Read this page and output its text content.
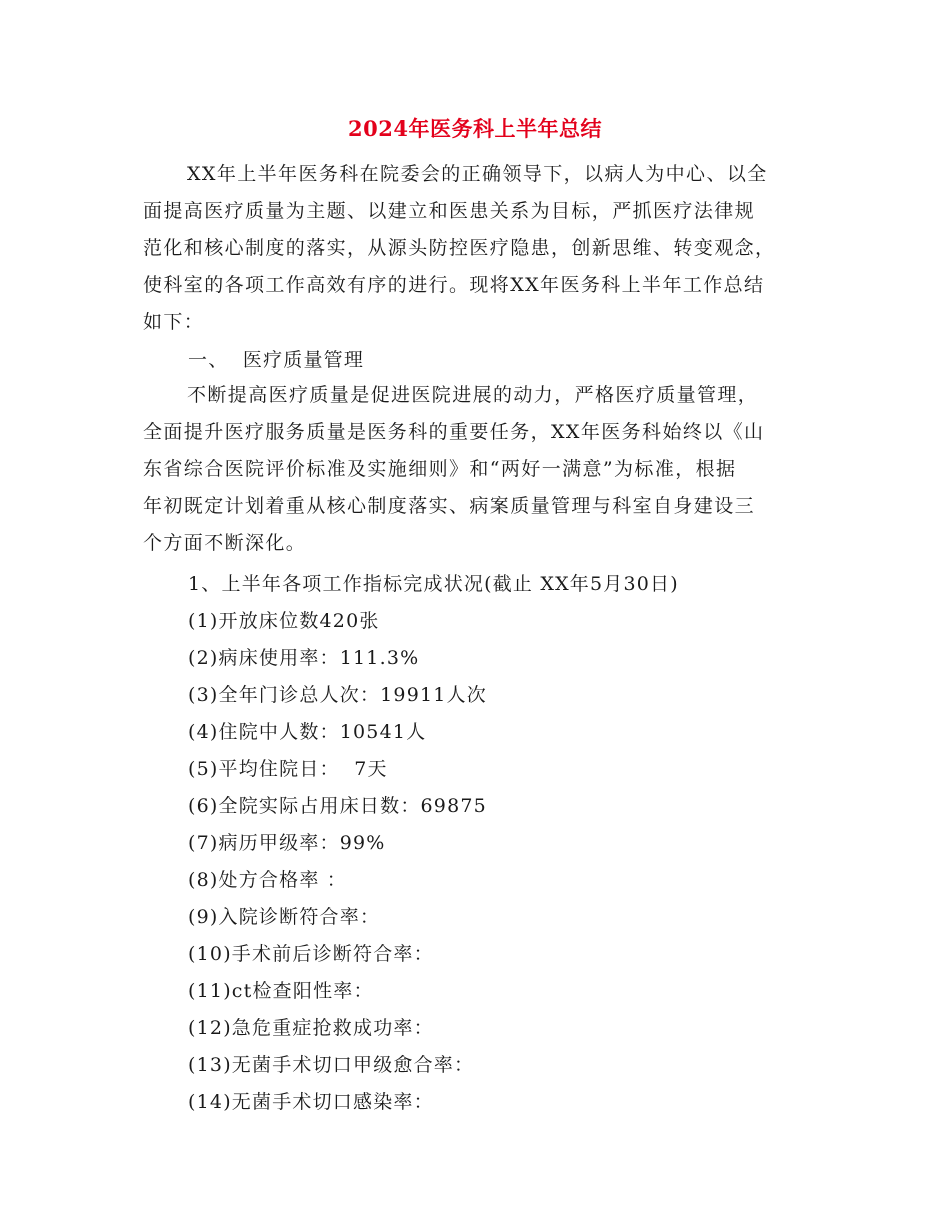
2024年医务科上半年总结

XX年上半年医务科在院委会的正确领导下，以病人为中心、以全

面提高医疗质量为主题、以建立和医患关系为目标，严抓医疗法律规

范化和核心制度的落实，从源头防控医疗隐患，创新思维、转变观念，

使科室的各项工作高效有序的进行。现将XX年医务科上半年工作总结

如下：

一、  医疗质量管理

不断提高医疗质量是促进医院进展的动力，严格医疗质量管理，

全面提升医疗服务质量是医务科的重要任务，XX年医务科始终以《山

东省综合医院评价标准及实施细则》和“两好一满意”为标准，根据

年初既定计划着重从核心制度落实、病案质量管理与科室自身建设三

个方面不断深化。

1、上半年各项工作指标完成状况(截止 XX年5月30日)
(1)开放床位数420张
(2)病床使用率：111.3%
(3)全年门诊总人次：19911人次
(4)住院中人数：10541人
(5)平均住院日：  7天
(6)全院实际占用床日数：69875
(7)病历甲级率：99%
(8)处方合格率 ：
(9)入院诊断符合率：
(10)手术前后诊断符合率：
(11)ct检查阳性率：
(12)急危重症抢救成功率：
(13)无菌手术切口甲级愈合率：
(14)无菌手术切口感染率：
